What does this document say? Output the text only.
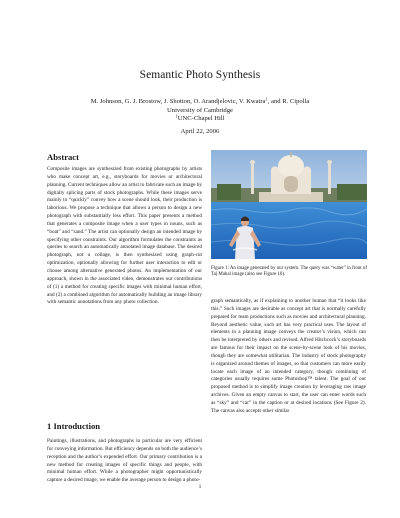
Semantic Photo Synthesis

M. Johnson, G. J. Brostow, J. Shotton, O. Arandjelovic, V. Kwatra$^1$, and R. Cipolla

University of Cambridge

$^1$UNC-Chapel Hill

April 22, 2006

Abstract

Composite images are synthesized from existing photographs by artists who make concept art, e.g., storyboards for movies or architectural planning. Current techniques allow an artist to fabricate such an image by digitally splicing parts of stock photographs. While these images serve mainly to “quickly” convey how a scene should look, their production is laborious. We propose a technique that allows a person to design a new photograph with substantially less effort. This paper presents a method that generates a composite image when a user types in nouns, such as “boat” and “sand.” The artist can optionally design an intended image by specifying other constraints. Our algorithm formulates the constraints as queries to search an automatically annotated image database. The desired photograph, not a collage, is then synthesized using graph-cut optimization, optionally allowing for further user interaction to edit or choose among alternative generated photos. An implementation of our approach, shown in the associated video, demonstrates our contributions of (1) a method for creating specific images with minimal human effort, and (2) a combined algorithm for automatically building an image library with semantic annotations from any photo collection.

1 Introduction

Paintings, illustrations, and photographs in particular are very efficient for conveying information. But efficiency depends on both the audience’s reception and the author’s expended effort. Our primary contribution is a new method for creating images of specific things and people, with minimal human effort. While a photographer might opportunistically capture a desired image, we enable the average person to design a photo-

Figure 1: An image generated by our system. The query was “water” in front of Taj Mahal image (also see Figure 10).

graph semantically, as if explaining to another human that “it looks like this.” Such images are desirable as concept art that is normally carefully prepared for team productions such as movies and architectural planning. Beyond aesthetic value, such art has very practical uses. The layout of elements in a planning image conveys the creator’s vision, which can then be interpreted by others and revised. Alfred Hitchcock’s storyboards are famous for their impact on the scene-by-scene look of his movies, though they are somewhat utilitarian. The industry of stock photography is organized around themes of images, so that customers can more easily locate each image of an intended category, though combining of categories usually requires some Photoshop™ talent. The goal of our proposed method is to simplify image creation by leveraging raw image archives. Given an empty canvas to start, the user can enter words such as “sky” and “car” in the caption or at desired locations (See Figure 2). The canvas also accepts other similar

1
